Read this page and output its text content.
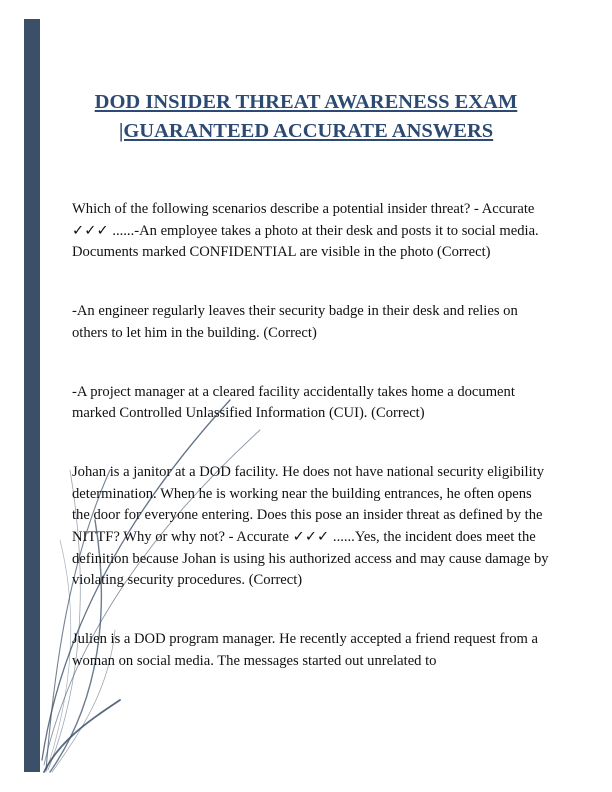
DOD INSIDER THREAT AWARENESS EXAM |GUARANTEED ACCURATE ANSWERS

Which of the following scenarios describe a potential insider threat? - Accurate ✓✓✓ ......-An employee takes a photo at their desk and posts it to social media. Documents marked CONFIDENTIAL are visible in the photo (Correct)

-An engineer regularly leaves their security badge in their desk and relies on others to let him in the building. (Correct)

-A project manager at a cleared facility accidentally takes home a document marked Controlled Unlassified Information (CUI). (Correct)

Johan is a janitor at a DOD facility. He does not have national security eligibility determination. When he is working near the building entrances, he often opens the door for everyone entering. Does this pose an insider threat as defined by the NITTF? Why or why not? - Accurate ✓✓✓ ......Yes, the incident does meet the definition because Johan is using his authorized access and may cause damage by violating security procedures. (Correct)

Julien is a DOD program manager. He recently accepted a friend request from a woman on social media. The messages started out unrelated to
